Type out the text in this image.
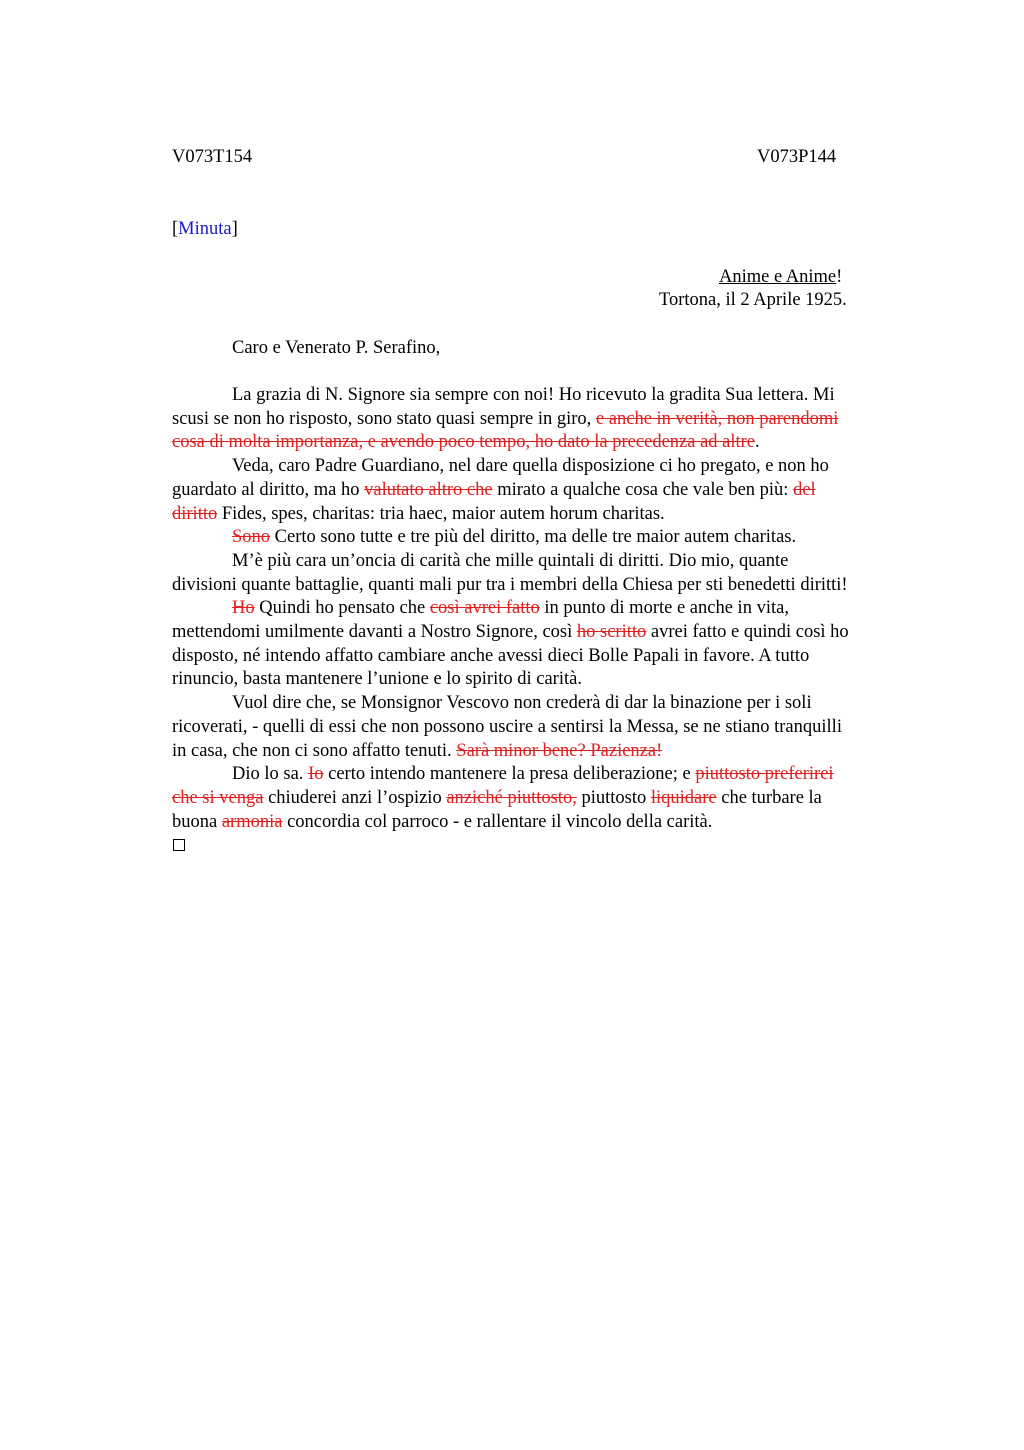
V073T154	V073P144
[Minuta]
Anime e Anime!
Tortona, il 2 Aprile 1925.
Caro e Venerato P. Serafino,

La grazia di N. Signore sia sempre con noi! Ho ricevuto la gradita Sua lettera. Mi

scusi se non ho risposto, sono stato quasi sempre in giro, e anche in verità, non parendomi

cosa di molta importanza, e avendo poco tempo, ho dato la precedenza ad altre.

Veda, caro Padre Guardiano, nel dare quella disposizione ci ho pregato, e non ho

guardato al diritto, ma ho valutato altro che mirato a qualche cosa che vale ben più: del

diritto Fides, spes, charitas: tria haec, maior autem horum charitas.

Sono Certo sono tutte e tre più del diritto, ma delle tre maior autem charitas.

M’è più cara un’oncia di carità che mille quintali di diritti. Dio mio, quante

divisioni quante battaglie, quanti mali pur tra i membri della Chiesa per sti benedetti diritti!

Ho Quindi ho pensato che così avrei fatto in punto di morte e anche in vita,

mettendomi umilmente davanti a Nostro Signore, così ho scritto avrei fatto e quindi così ho

disposto, né intendo affatto cambiare anche avessi dieci Bolle Papali in favore. A tutto

rinuncio, basta mantenere l’unione e lo spirito di carità.

Vuol dire che, se Monsignor Vescovo non crederà di dar la binazione per i soli

ricoverati, - quelli di essi che non possono uscire a sentirsi la Messa, se ne stiano tranquilli

in casa, che non ci sono affatto tenuti. Sarà minor bene? Pazienza!

Dio lo sa. Io certo intendo mantenere la presa deliberazione; e piuttosto preferirei

che si venga chiuderei anzi l’ospizio anziché piuttosto, piuttosto liquidare che turbare la

buona armonia concordia col parroco - e rallentare il vincolo della carità.
